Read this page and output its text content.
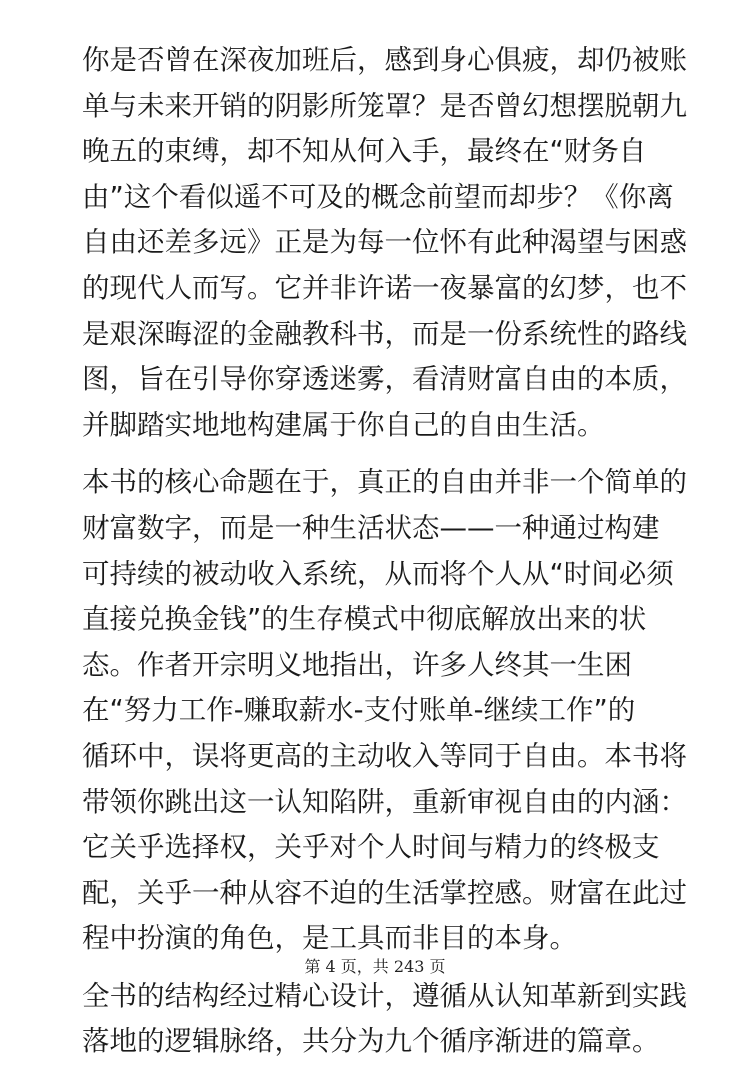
你是否曾在深夜加班后，感到身心俱疲，却仍被账
单与未来开销的阴影所笼罩？是否曾幻想摆脱朝九
晚五的束缚，却不知从何入手，最终在“财务自
由”这个看似遥不可及的概念前望而却步？《你离
自由还差多远》正是为每一位怀有此种渴望与困惑
的现代人而写。它并非许诺一夜暴富的幻梦，也不
是艰深晦涩的金融教科书，而是一份系统性的路线
图，旨在引导你穿透迷雾，看清财富自由的本质，
并脚踏实地地构建属于你自己的自由生活。

本书的核心命题在于，真正的自由并非一个简单的
财富数字，而是一种生活状态——一种通过构建
可持续的被动收入系统，从而将个人从“时间必须
直接兑换金钱”的生存模式中彻底解放出来的状
态。作者开宗明义地指出，许多人终其一生困
在“努力工作-赚取薪水-支付账单-继续工作”的
循环中，误将更高的主动收入等同于自由。本书将
带领你跳出这一认知陷阱，重新审视自由的内涵：
它关乎选择权，关乎对个人时间与精力的终极支
配，关乎一种从容不迫的生活掌控感。财富在此过
程中扮演的角色，是工具而非目的本身。

全书的结构经过精心设计，遵循从认知革新到实践
落地的逻辑脉络，共分为九个循序渐进的篇章。

第 4 页，共 243 页
